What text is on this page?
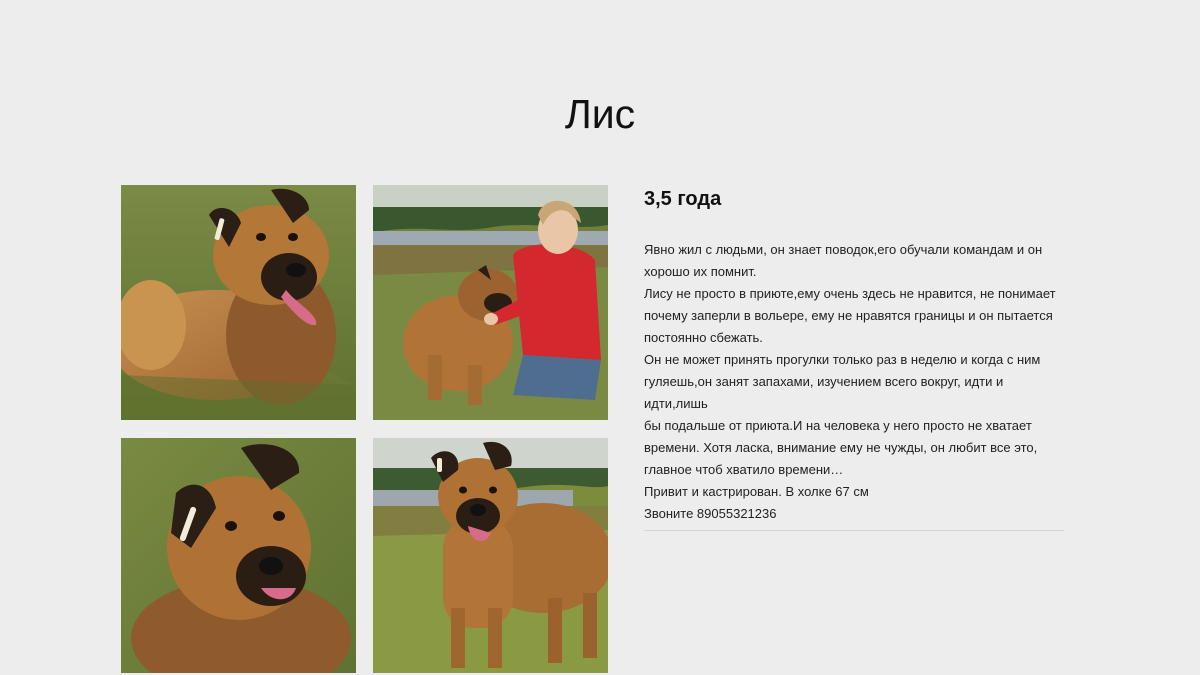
Лис
3,5 года

Явно жил с людьми, он знает поводок,его обучали командам и он

хорошо их помнит.

Лису не просто в приюте,ему очень здесь не нравится, не понимает

почему заперли в вольере, ему не нравятся границы и он пытается

постоянно сбежать.

Он не может принять прогулки только раз в неделю и когда с ним

гуляешь,он занят запахами, изучением всего вокруг, идти и идти,лишь

бы подальше от приюта.И на человека у него просто не хватает

времени. Хотя ласка, внимание ему не чужды, он любит все это,

главное чтоб хватило времени…

Привит и кастрирован. В холке 67 см

Звоните 89055321236
